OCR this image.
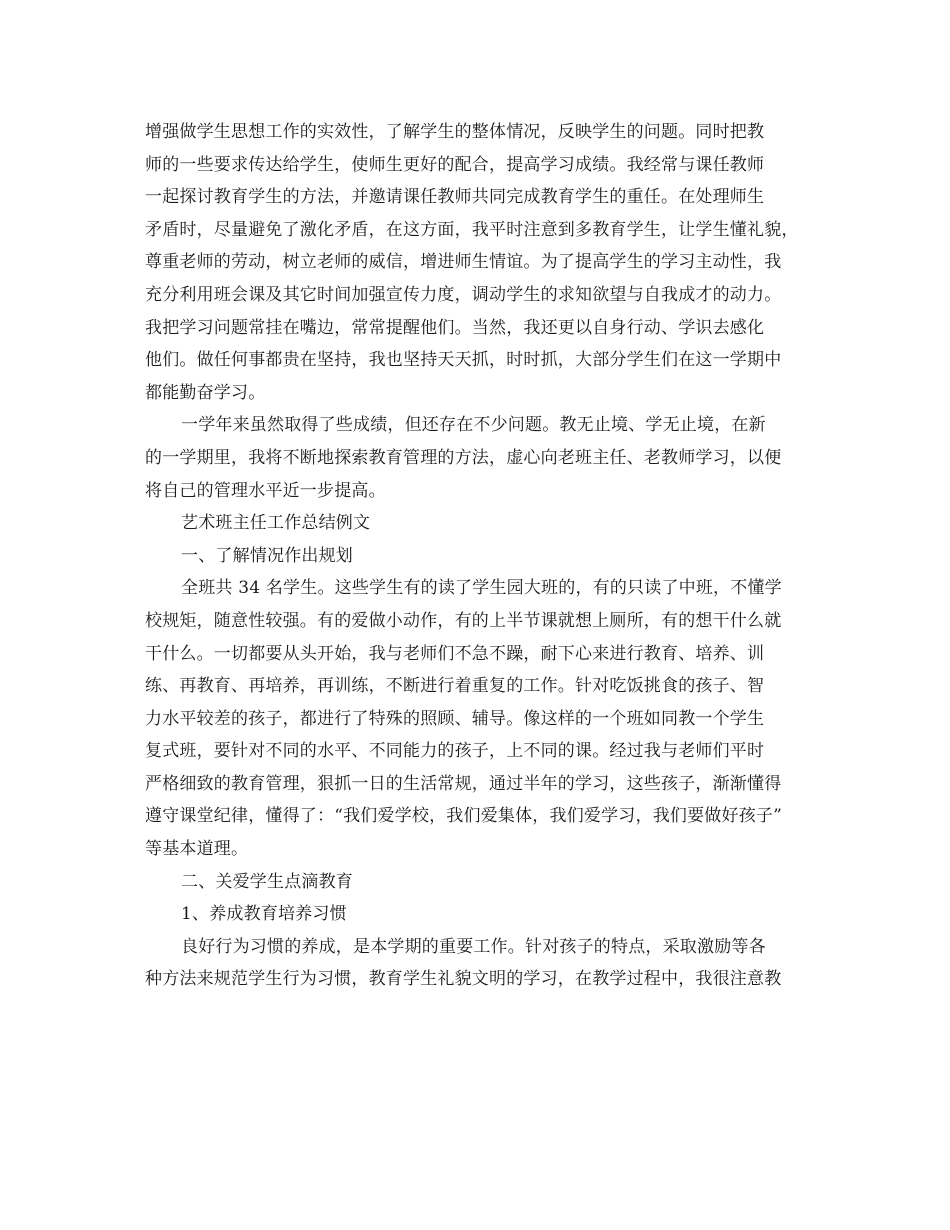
增强做学生思想工作的实效性，了解学生的整体情况，反映学生的问题。同时把教
师的一些要求传达给学生，使师生更好的配合，提高学习成绩。我经常与课任教师
一起探讨教育学生的方法，并邀请课任教师共同完成教育学生的重任。在处理师生
矛盾时，尽量避免了激化矛盾，在这方面，我平时注意到多教育学生，让学生懂礼貌，
尊重老师的劳动，树立老师的威信，增进师生情谊。为了提高学生的学习主动性，我
充分利用班会课及其它时间加强宣传力度，调动学生的求知欲望与自我成才的动力。
我把学习问题常挂在嘴边，常常提醒他们。当然，我还更以自身行动、学识去感化
他们。做任何事都贵在坚持，我也坚持天天抓，时时抓，大部分学生们在这一学期中
都能勤奋学习。
一学年来虽然取得了些成绩，但还存在不少问题。教无止境、学无止境，在新
的一学期里，我将不断地探索教育管理的方法，虚心向老班主任、老教师学习，以便
将自己的管理水平近一步提高。
艺术班主任工作总结例文
一、了解情况作出规划
全班共 34 名学生。这些学生有的读了学生园大班的，有的只读了中班，不懂学
校规矩，随意性较强。有的爱做小动作，有的上半节课就想上厕所，有的想干什么就
干什么。一切都要从头开始，我与老师们不急不躁，耐下心来进行教育、培养、训
练、再教育、再培养，再训练，不断进行着重复的工作。针对吃饭挑食的孩子、智
力水平较差的孩子，都进行了特殊的照顾、辅导。像这样的一个班如同教一个学生
复式班，要针对不同的水平、不同能力的孩子，上不同的课。经过我与老师们平时
严格细致的教育管理，狠抓一日的生活常规，通过半年的学习，这些孩子，渐渐懂得
遵守课堂纪律，懂得了：“我们爱学校，我们爱集体，我们爱学习，我们要做好孩子”
等基本道理。
二、关爱学生点滴教育
1、养成教育培养习惯
良好行为习惯的养成，是本学期的重要工作。针对孩子的特点，采取激励等各
种方法来规范学生行为习惯，教育学生礼貌文明的学习，在教学过程中，我很注意教
